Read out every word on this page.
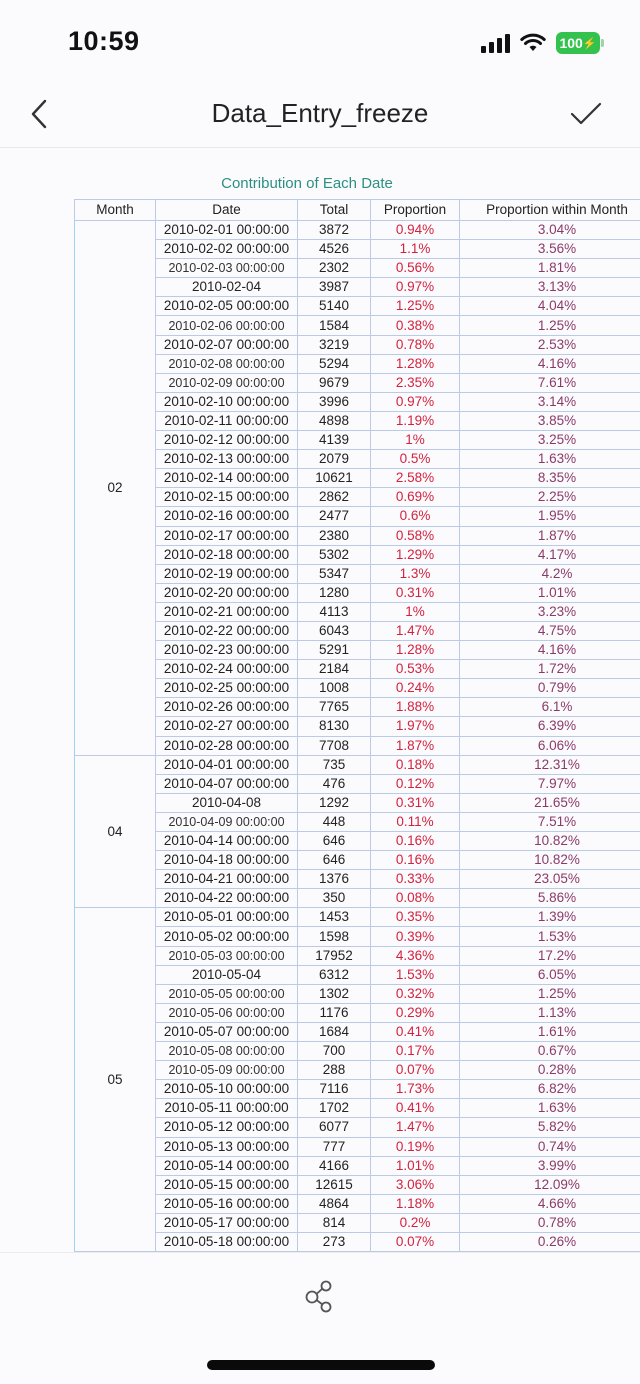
10:59	100 ⚡
Data_Entry_freeze
Contribution of Each Date
Month	Date	Total	Proportion	Proportion within Month
02	2010-02-01 00:00:00	3872	0.94%	3.04%
	2010-02-02 00:00:00	4526	1.1%	3.56%
	2010-02-03 00:00:00	2302	0.56%	1.81%
	2010-02-04	3987	0.97%	3.13%
	2010-02-05 00:00:00	5140	1.25%	4.04%
	2010-02-06 00:00:00	1584	0.38%	1.25%
	2010-02-07 00:00:00	3219	0.78%	2.53%
	2010-02-08 00:00:00	5294	1.28%	4.16%
	2010-02-09 00:00:00	9679	2.35%	7.61%
	2010-02-10 00:00:00	3996	0.97%	3.14%
	2010-02-11 00:00:00	4898	1.19%	3.85%
	2010-02-12 00:00:00	4139	1%	3.25%
	2010-02-13 00:00:00	2079	0.5%	1.63%
	2010-02-14 00:00:00	10621	2.58%	8.35%
	2010-02-15 00:00:00	2862	0.69%	2.25%
	2010-02-16 00:00:00	2477	0.6%	1.95%
	2010-02-17 00:00:00	2380	0.58%	1.87%
	2010-02-18 00:00:00	5302	1.29%	4.17%
	2010-02-19 00:00:00	5347	1.3%	4.2%
	2010-02-20 00:00:00	1280	0.31%	1.01%
	2010-02-21 00:00:00	4113	1%	3.23%
	2010-02-22 00:00:00	6043	1.47%	4.75%
	2010-02-23 00:00:00	5291	1.28%	4.16%
	2010-02-24 00:00:00	2184	0.53%	1.72%
	2010-02-25 00:00:00	1008	0.24%	0.79%
	2010-02-26 00:00:00	7765	1.88%	6.1%
	2010-02-27 00:00:00	8130	1.97%	6.39%
	2010-02-28 00:00:00	7708	1.87%	6.06%
04	2010-04-01 00:00:00	735	0.18%	12.31%
	2010-04-07 00:00:00	476	0.12%	7.97%
	2010-04-08	1292	0.31%	21.65%
	2010-04-09 00:00:00	448	0.11%	7.51%
	2010-04-14 00:00:00	646	0.16%	10.82%
	2010-04-18 00:00:00	646	0.16%	10.82%
	2010-04-21 00:00:00	1376	0.33%	23.05%
	2010-04-22 00:00:00	350	0.08%	5.86%
05	2010-05-01 00:00:00	1453	0.35%	1.39%
	2010-05-02 00:00:00	1598	0.39%	1.53%
	2010-05-03 00:00:00	17952	4.36%	17.2%
	2010-05-04	6312	1.53%	6.05%
	2010-05-05 00:00:00	1302	0.32%	1.25%
	2010-05-06 00:00:00	1176	0.29%	1.13%
	2010-05-07 00:00:00	1684	0.41%	1.61%
	2010-05-08 00:00:00	700	0.17%	0.67%
	2010-05-09 00:00:00	288	0.07%	0.28%
	2010-05-10 00:00:00	7116	1.73%	6.82%
	2010-05-11 00:00:00	1702	0.41%	1.63%
	2010-05-12 00:00:00	6077	1.47%	5.82%
	2010-05-13 00:00:00	777	0.19%	0.74%
	2010-05-14 00:00:00	4166	1.01%	3.99%
	2010-05-15 00:00:00	12615	3.06%	12.09%
	2010-05-16 00:00:00	4864	1.18%	4.66%
	2010-05-17 00:00:00	814	0.2%	0.78%
	2010-05-18 00:00:00	273	0.07%	0.26%
